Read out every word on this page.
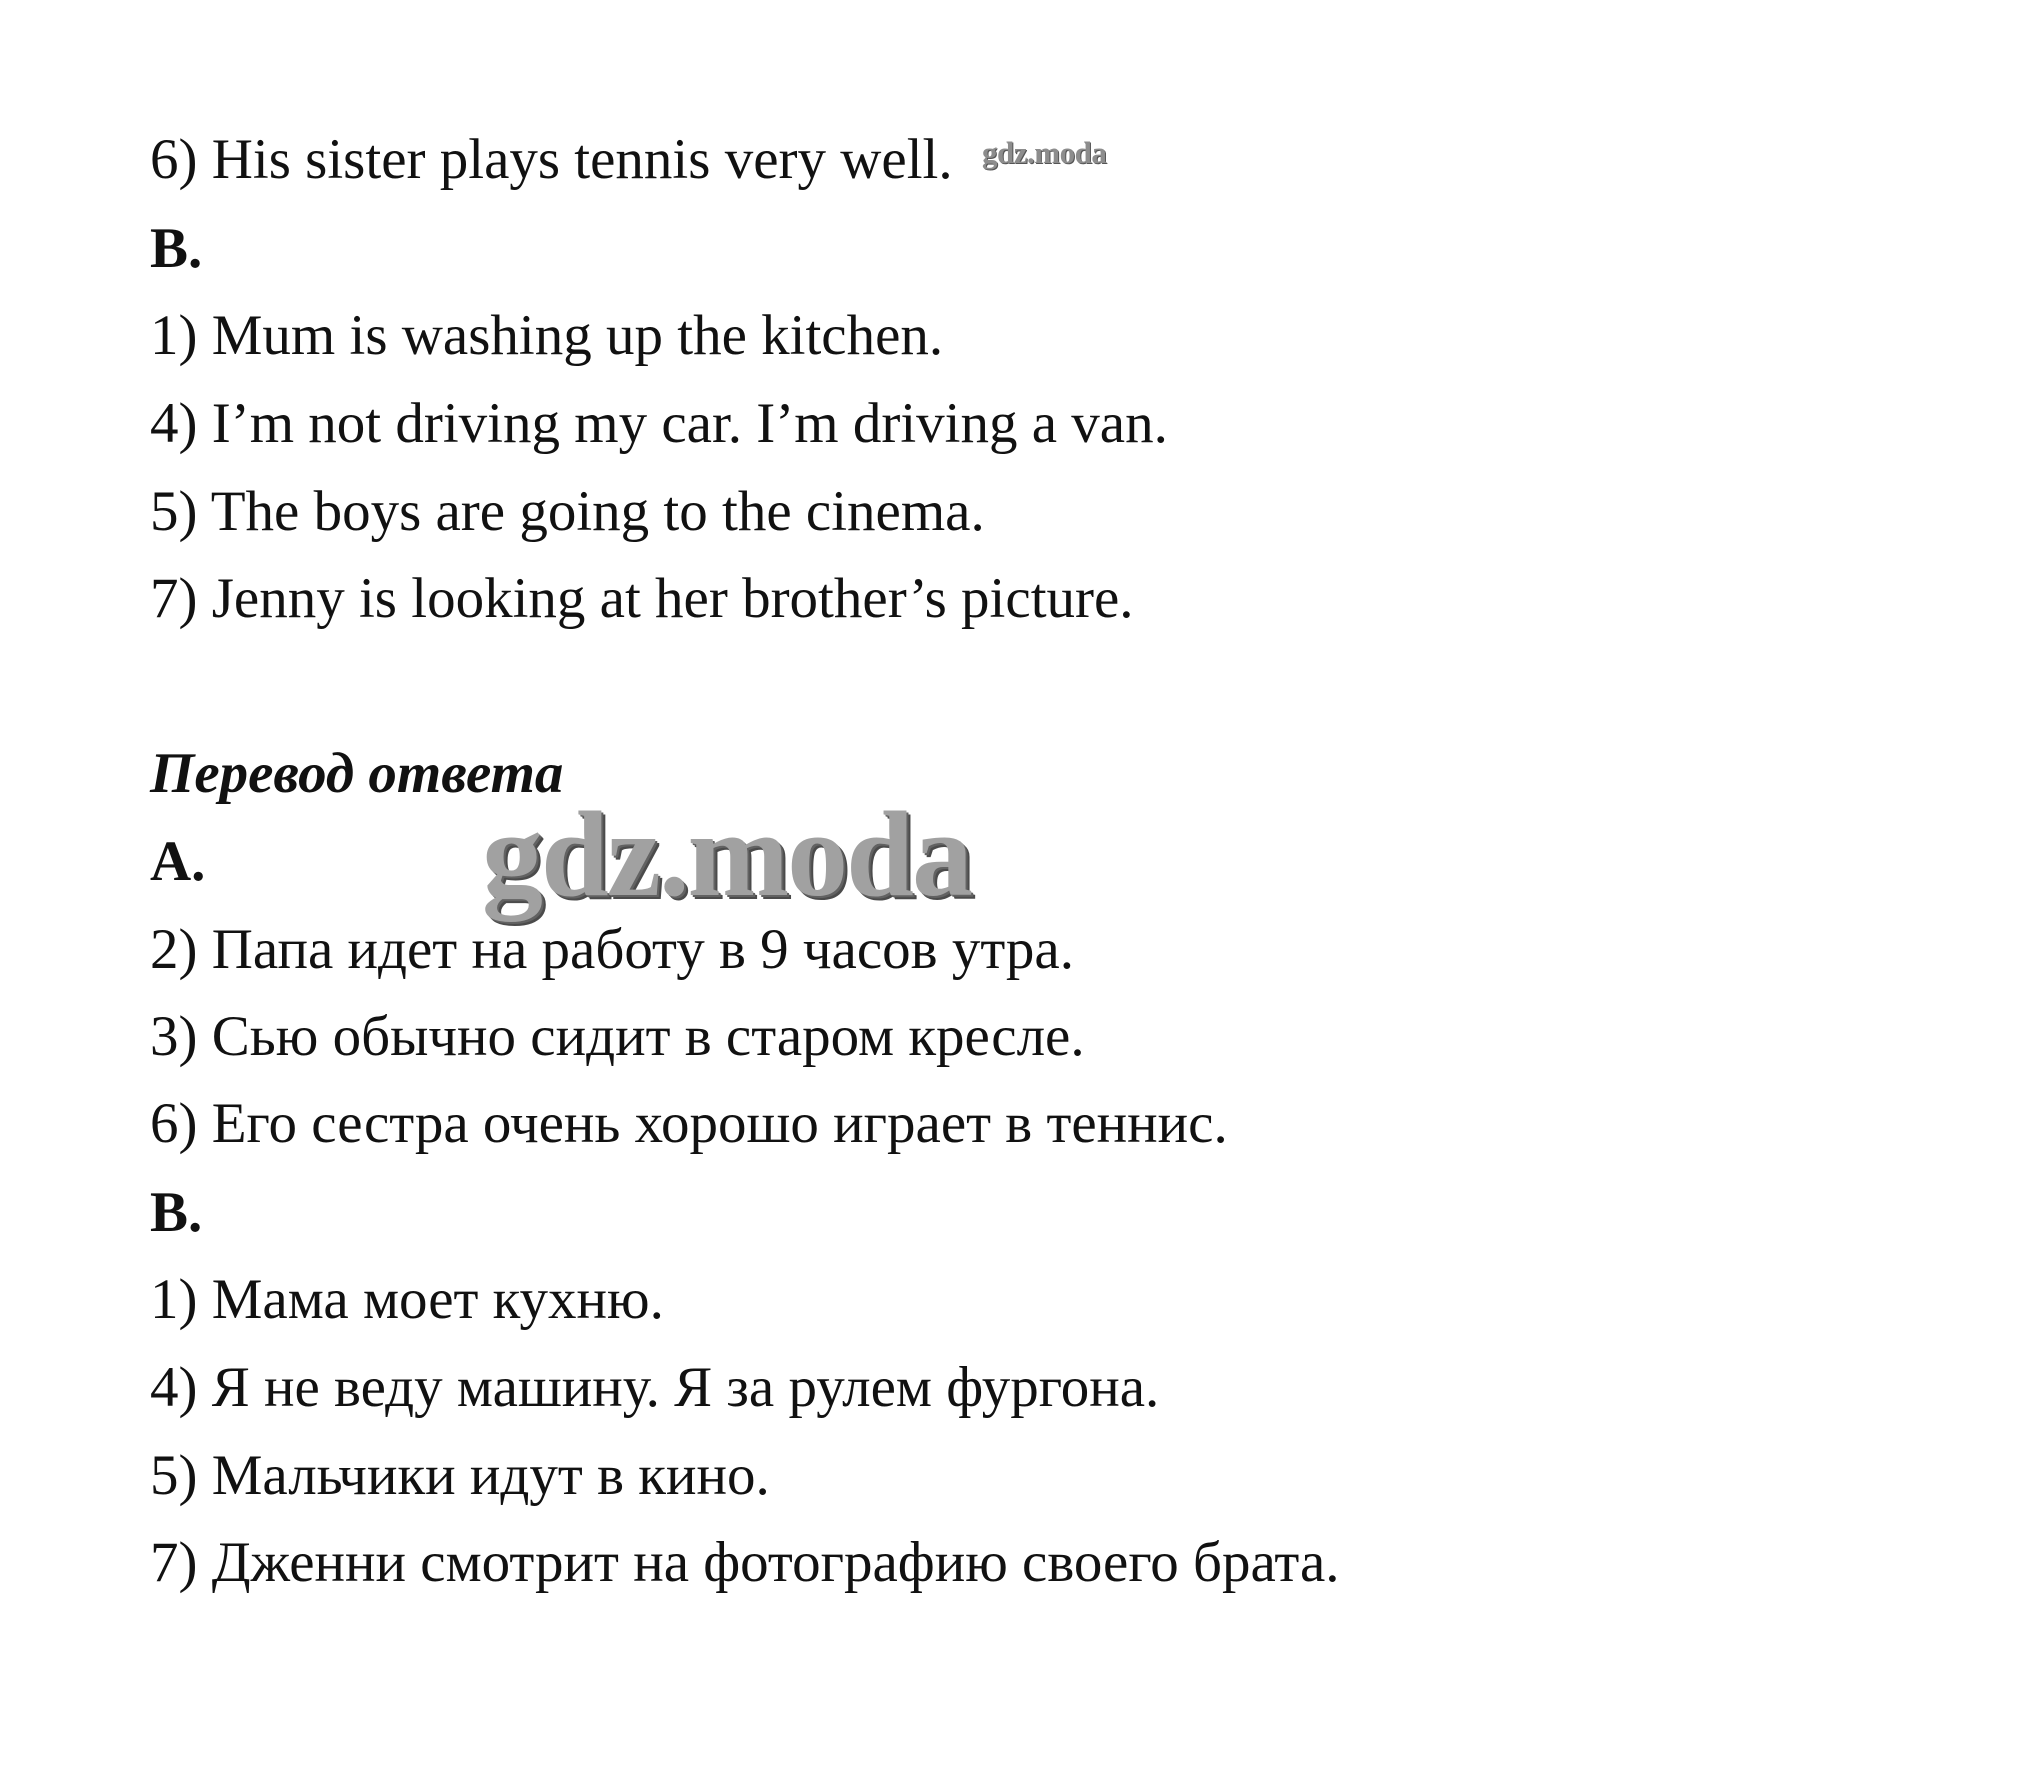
6) His sister plays tennis very well. gdz.moda
B.
1) Mum is washing up the kitchen.
4) I’m not driving my car. I’m driving a van.
5) The boys are going to the cinema.
7) Jenny is looking at her brother’s picture.
Перевод ответа
A. gdz.moda
2) Папа идет на работу в 9 часов утра.
3) Сью обычно сидит в старом кресле.
6) Его сестра очень хорошо играет в теннис.
B.
1) Мама моет кухню.
4) Я не веду машину. Я за рулем фургона.
5) Мальчики идут в кино.
7) Дженни смотрит на фотографию своего брата.
